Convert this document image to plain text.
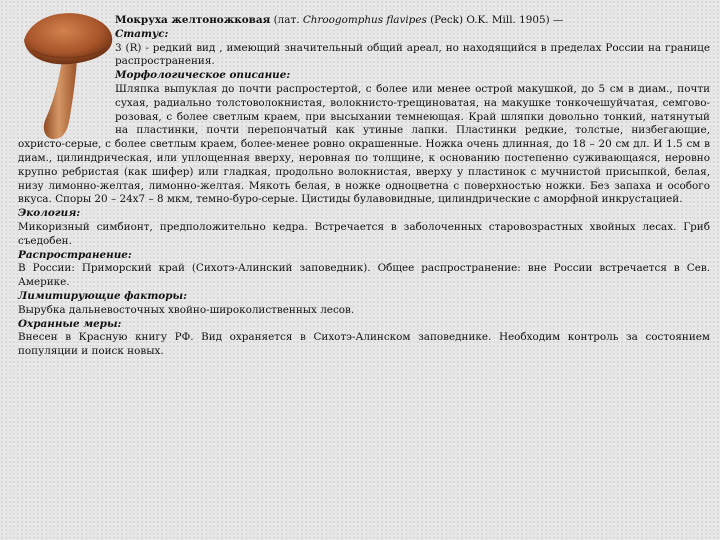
Мокруха желтоножковая (лат. Chroogomphus flavipes (Peck) O.K. Mill. 1905) —

Статус:

3 (R) - редкий вид , имеющий значительный общий ареал, но находящийся в пределах России на границе распространения.

Морфологическое описание:

Шляпка выпуклая до почти распростертой, с более или менее острой макушкой, до 5 см в диам., почти сухая, радиально толстоволокнистая, волокнисто-трещиноватая, на макушке тонкочешуйчатая, семгово-розовая, с более светлым краем, при высыхании темнеющая. Край шляпки довольно тонкий, натянутый на пластинки, почти перепончатый как утиные лапки. Пластинки редкие, толстые, низбегающие, охристо-серые, с более светлым краем, более-менее ровно окрашенные. Ножка очень длинная, до 18 – 20 см дл. И 1.5 см в диам., цилиндрическая, или уплощенная вверху, неровная по толщине, к основанию постепенно суживающаяся, неровно крупно ребристая (как шифер) или гладкая, продольно волокнистая, вверху у пластинок с мучнистой присыпкой, белая, низу лимонно-желтая, лимонно-желтая. Мякоть белая, в ножке одноцветна с поверхностью ножки. Без запаха и особого вкуса. Споры 20 – 24х7 – 8 мкм, темно-буро-серые. Цистиды булавовидные, цилиндрические с аморфной инкрустацией.

Экология:

Микоризный симбионт, предположительно кедра. Встречается в заболоченных старовозрастных хвойных лесах. Гриб съедобен.

Распространение:

В России: Приморский край (Сихотэ-Алинский заповедник). Общее распространение: вне России встречается в Сев. Америке.

Лимитирующие факторы:

Вырубка дальневосточных хвойно-широколиственных лесов.

Охранные меры:

Внесен в Красную книгу РФ. Вид охраняется в Сихотэ-Алинском заповеднике. Необходим контроль за состоянием популяции и поиск новых.
